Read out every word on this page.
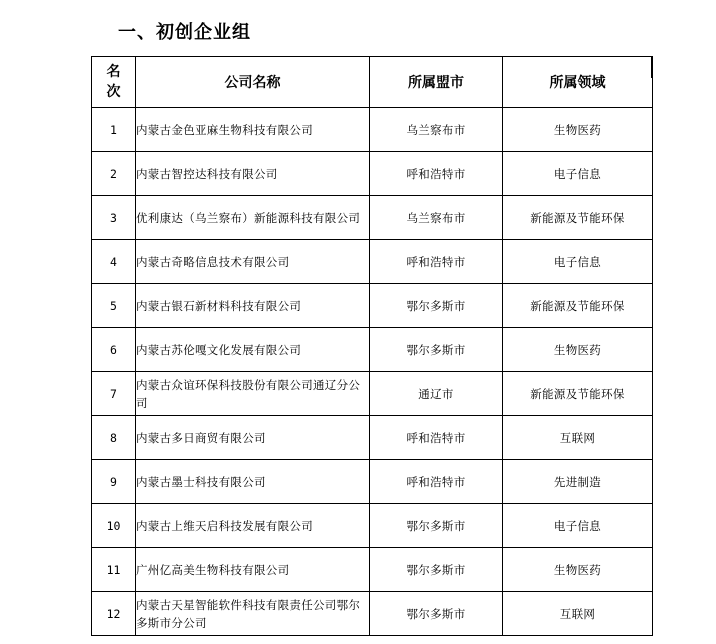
一、初创企业组
名
次	公司名称	所属盟市	所属领域
1	内蒙古金色亚麻生物科技有限公司	乌兰察布市	生物医药
2	内蒙古智控达科技有限公司	呼和浩特市	电子信息
3	优利康达（乌兰察布）新能源科技有限公司	乌兰察布市	新能源及节能环保
4	内蒙古奇略信息技术有限公司	呼和浩特市	电子信息
5	内蒙古银石新材料科技有限公司	鄂尔多斯市	新能源及节能环保
6	内蒙古苏伦嘎文化发展有限公司	鄂尔多斯市	生物医药
7	内蒙古众谊环保科技股份有限公司通辽分公司	通辽市	新能源及节能环保
8	内蒙古多日商贸有限公司	呼和浩特市	互联网
9	内蒙古墨士科技有限公司	呼和浩特市	先进制造
10	内蒙古上维天启科技发展有限公司	鄂尔多斯市	电子信息
11	广州亿高美生物科技有限公司	鄂尔多斯市	生物医药
12	内蒙古天星智能软件科技有限责任公司鄂尔多斯市分公司	鄂尔多斯市	互联网
